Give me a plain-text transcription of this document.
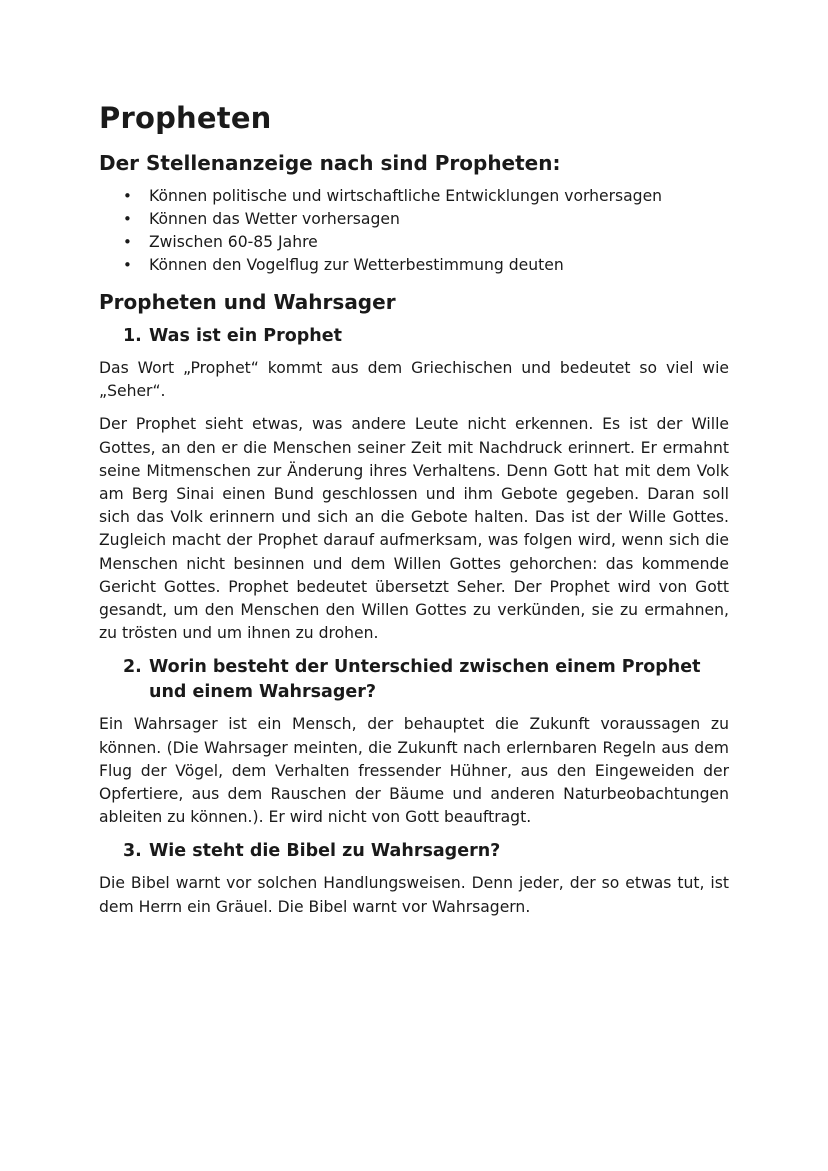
Propheten
Der Stellenanzeige nach sind Propheten:
•	Können politische und wirtschaftliche Entwicklungen vorhersagen
•	Können das Wetter vorhersagen
•	Zwischen 60-85 Jahre
•	Können den Vogelflug zur Wetterbestimmung deuten
Propheten und Wahrsager
1. Was ist ein Prophet

Das Wort „Prophet“ kommt aus dem Griechischen und bedeutet so viel wie „Seher“.

Der Prophet sieht etwas, was andere Leute nicht erkennen. Es ist der Wille Gottes, an den er die Menschen seiner Zeit mit Nachdruck erinnert. Er ermahnt seine Mitmenschen zur Änderung ihres Verhaltens. Denn Gott hat mit dem Volk am Berg Sinai einen Bund geschlossen und ihm Gebote gegeben. Daran soll sich das Volk erinnern und sich an die Gebote halten. Das ist der Wille Gottes. Zugleich macht der Prophet darauf aufmerksam, was folgen wird, wenn sich die Menschen nicht besinnen und dem Willen Gottes gehorchen: das kommende Gericht Gottes. Prophet bedeutet übersetzt Seher. Der Prophet wird von Gott gesandt, um den Menschen den Willen Gottes zu verkünden, sie zu ermahnen, zu trösten und um ihnen zu drohen.

2. Worin besteht der Unterschied zwischen einem Prophet und einem Wahrsager?

Ein Wahrsager ist ein Mensch, der behauptet die Zukunft voraussagen zu können. (Die Wahrsager meinten, die Zukunft nach erlernbaren Regeln aus dem Flug der Vögel, dem Verhalten fressender Hühner, aus den Eingeweiden der Opfertiere, aus dem Rauschen der Bäume und anderen Naturbeobachtungen ableiten zu können.). Er wird nicht von Gott beauftragt.

3. Wie steht die Bibel zu Wahrsagern?

Die Bibel warnt vor solchen Handlungsweisen. Denn jeder, der so etwas tut, ist dem Herrn ein Gräuel. Die Bibel warnt vor Wahrsagern.
